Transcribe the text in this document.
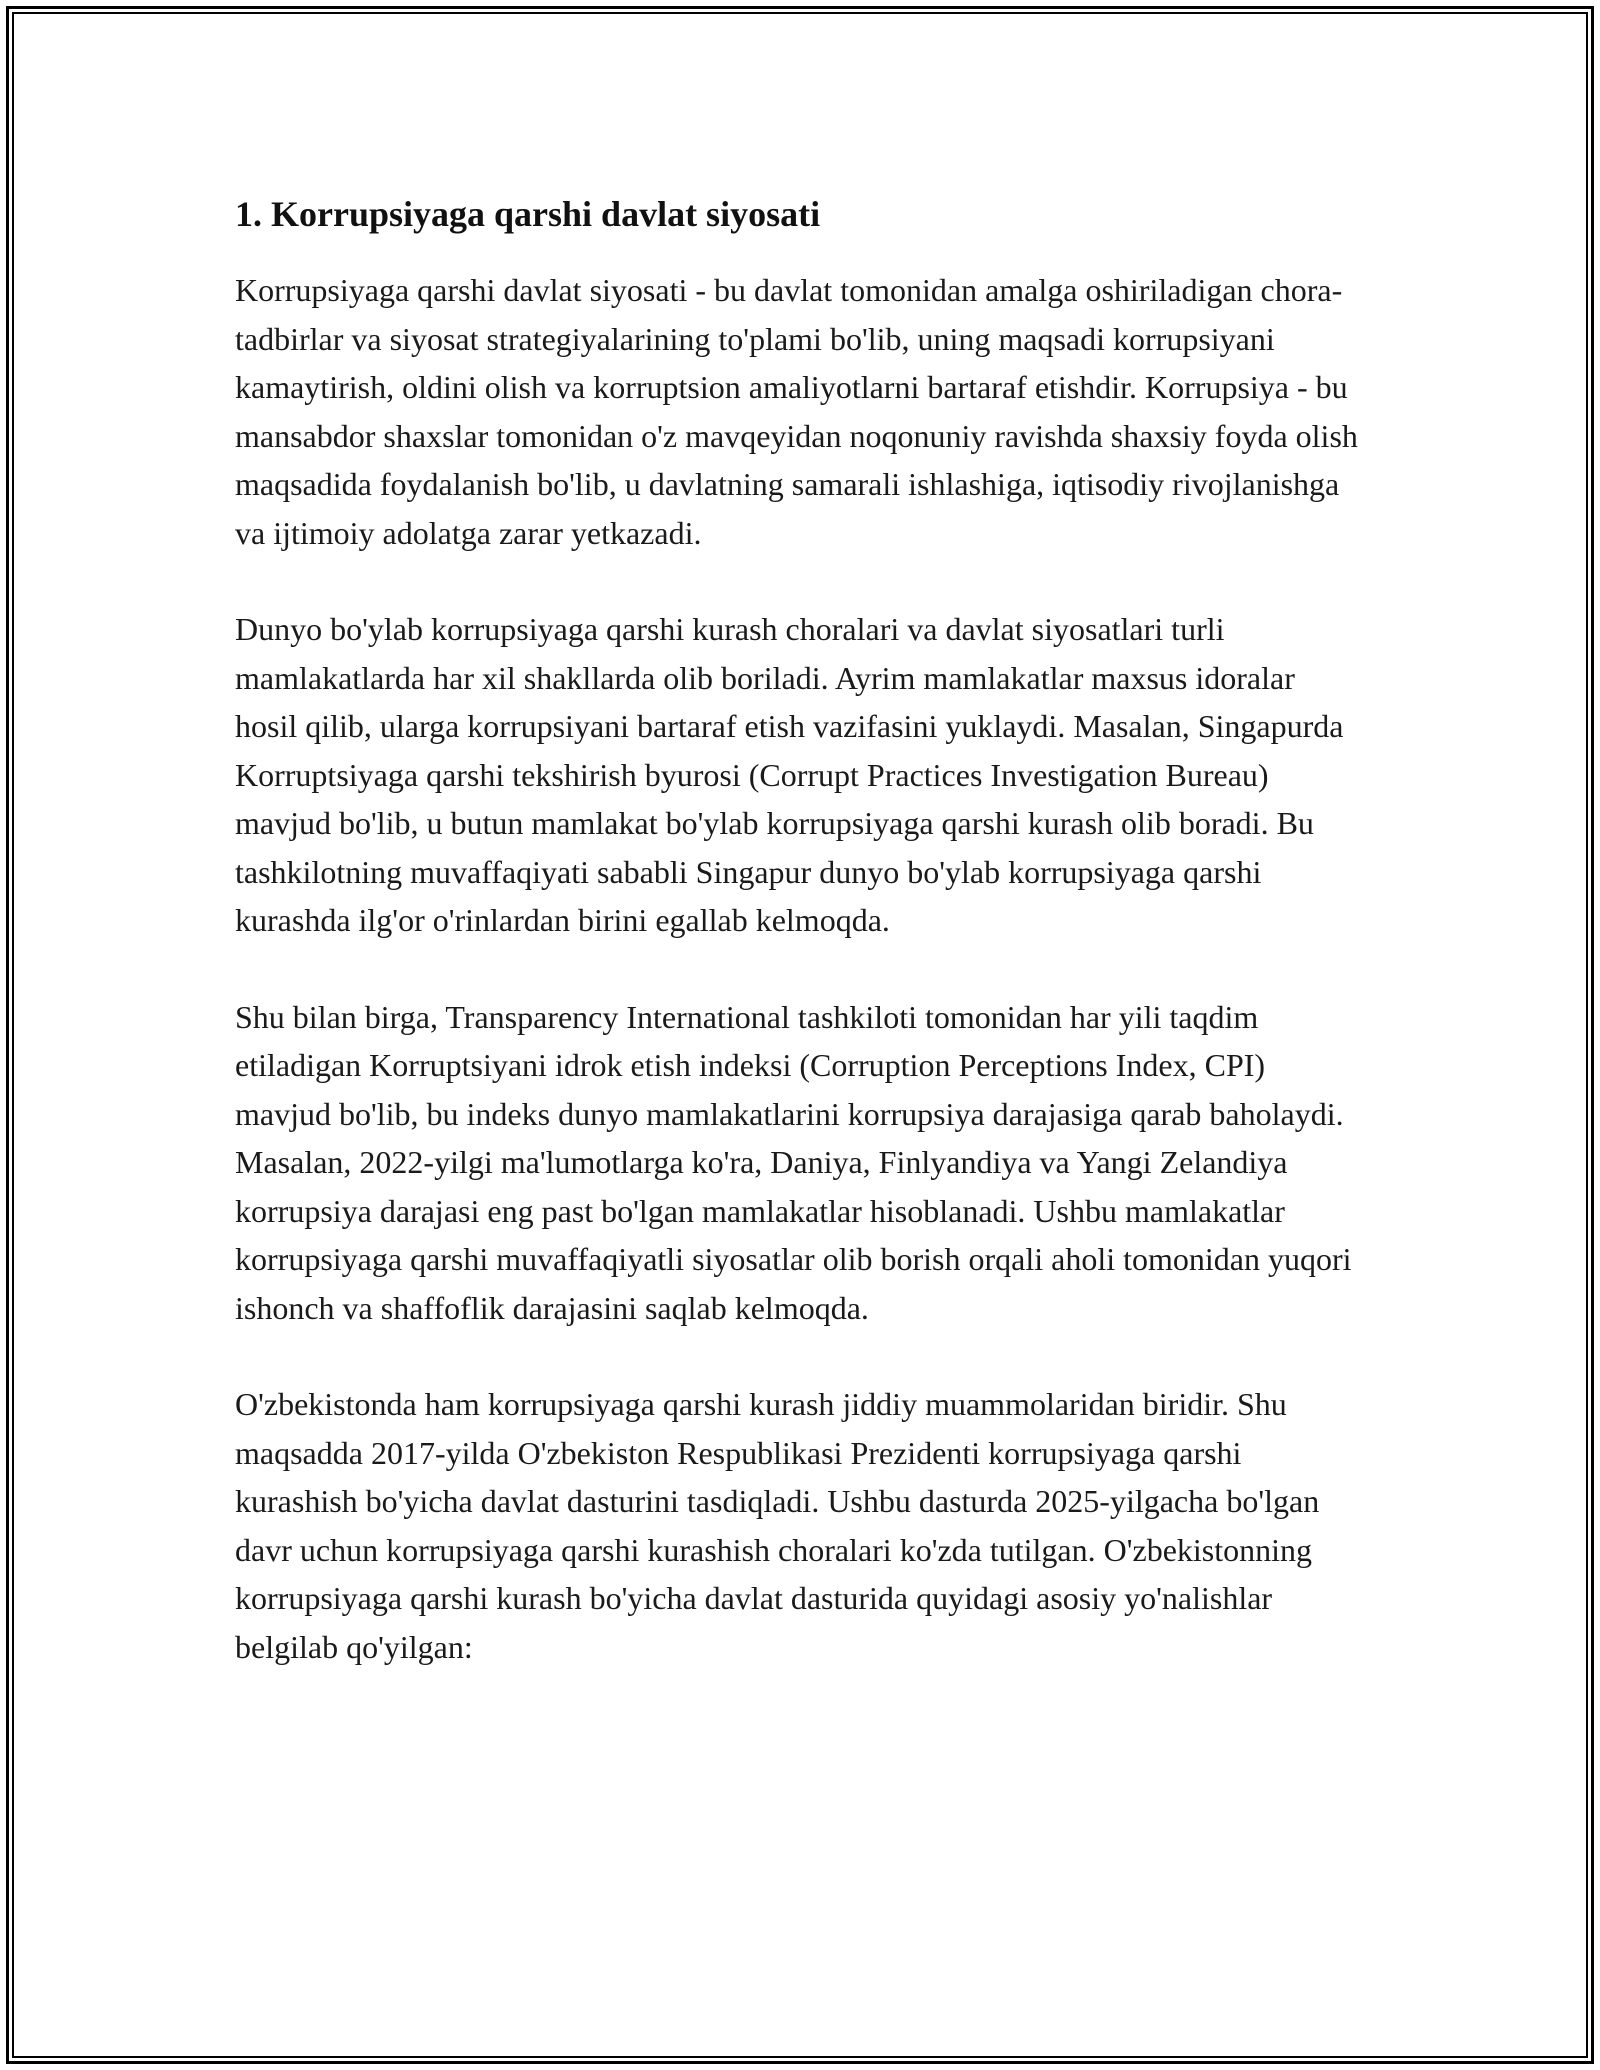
1. Korrupsiyaga qarshi davlat siyosati

Korrupsiyaga qarshi davlat siyosati - bu davlat tomonidan amalga oshiriladigan chora-tadbirlar va siyosat strategiyalarining to'plami bo'lib, uning maqsadi korrupsiyani kamaytirish, oldini olish va korruptsion amaliyotlarni bartaraf etishdir. Korrupsiya - bu mansabdor shaxslar tomonidan o'z mavqeyidan noqonuniy ravishda shaxsiy foyda olish maqsadida foydalanish bo'lib, u davlatning samarali ishlashiga, iqtisodiy rivojlanishga va ijtimoiy adolatga zarar yetkazadi.

Dunyo bo'ylab korrupsiyaga qarshi kurash choralari va davlat siyosatlari turli mamlakatlarda har xil shakllarda olib boriladi. Ayrim mamlakatlar maxsus idoralar hosil qilib, ularga korrupsiyani bartaraf etish vazifasini yuklaydi. Masalan, Singapurda Korruptsiyaga qarshi tekshirish byurosi (Corrupt Practices Investigation Bureau) mavjud bo'lib, u butun mamlakat bo'ylab korrupsiyaga qarshi kurash olib boradi. Bu tashkilotning muvaffaqiyati sababli Singapur dunyo bo'ylab korrupsiyaga qarshi kurashda ilg'or o'rinlardan birini egallab kelmoqda.

Shu bilan birga, Transparency International tashkiloti tomonidan har yili taqdim etiladigan Korruptsiyani idrok etish indeksi (Corruption Perceptions Index, CPI) mavjud bo'lib, bu indeks dunyo mamlakatlarini korrupsiya darajasiga qarab baholaydi. Masalan, 2022-yilgi ma'lumotlarga ko'ra, Daniya, Finlyandiya va Yangi Zelandiya korrupsiya darajasi eng past bo'lgan mamlakatlar hisoblanadi. Ushbu mamlakatlar korrupsiyaga qarshi muvaffaqiyatli siyosatlar olib borish orqali aholi tomonidan yuqori ishonch va shaffoflik darajasini saqlab kelmoqda.

O'zbekistonda ham korrupsiyaga qarshi kurash jiddiy muammolaridan biridir. Shu maqsadda 2017-yilda O'zbekiston Respublikasi Prezidenti korrupsiyaga qarshi kurashish bo'yicha davlat dasturini tasdiqladi. Ushbu dasturda 2025-yilgacha bo'lgan davr uchun korrupsiyaga qarshi kurashish choralari ko'zda tutilgan. O'zbekistonning korrupsiyaga qarshi kurash bo'yicha davlat dasturida quyidagi asosiy yo'nalishlar belgilab qo'yilgan:
